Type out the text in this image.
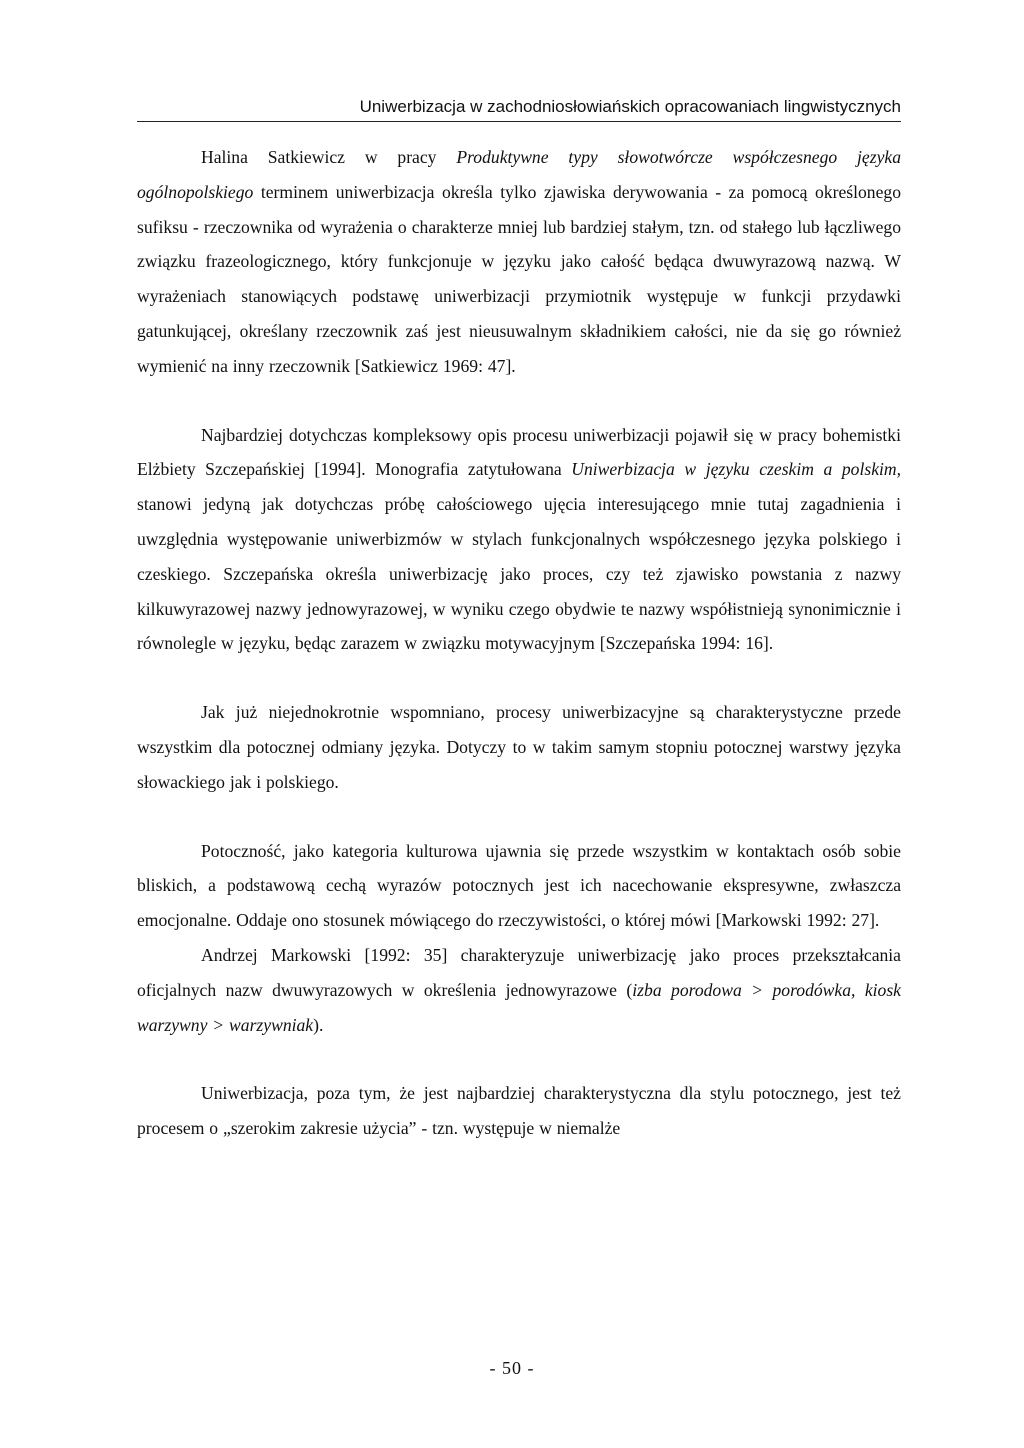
Uniwerbizacja w zachodniosłowiańskich opracowaniach lingwistycznych

Halina Satkiewicz w pracy Produktywne typy słowotwórcze współczesnego języka ogólnopolskiego terminem uniwerbizacja określa tylko zjawiska derywowania - za pomocą określonego sufiksu - rzeczownika od wyrażenia o charakterze mniej lub bardziej stałym, tzn. od stałego lub łączliwego związku frazeologicznego, który funkcjonuje w języku jako całość będąca dwuwyrazową nazwą. W wyrażeniach stanowiących podstawę uniwerbizacji przymiotnik występuje w funkcji przydawki gatunkującej, określany rzeczownik zaś jest nieusuwalnym składnikiem całości, nie da się go również wymienić na inny rzeczownik [Satkiewicz 1969: 47].

Najbardziej dotychczas kompleksowy opis procesu uniwerbizacji pojawił się w pracy bohemistki Elżbiety Szczepańskiej [1994]. Monografia zatytułowana Uniwerbizacja w języku czeskim a polskim, stanowi jedyną jak dotychczas próbę całościowego ujęcia interesującego mnie tutaj zagadnienia i uwzględnia występowanie uniwerbizmów w stylach funkcjonalnych współczesnego języka polskiego i czeskiego. Szczepańska określa uniwerbizację jako proces, czy też zjawisko powstania z nazwy kilkuwyrazowej nazwy jednowyrazowej, w wyniku czego obydwie te nazwy współistnieją synonimicznie i równolegle w języku, będąc zarazem w związku motywacyjnym [Szczepańska 1994: 16].

Jak już niejednokrotnie wspomniano, procesy uniwerbizacyjne są charakterystyczne przede wszystkim dla potocznej odmiany języka. Dotyczy to w takim samym stopniu potocznej warstwy języka słowackiego jak i polskiego.

Potoczność, jako kategoria kulturowa ujawnia się przede wszystkim w kontaktach osób sobie bliskich, a podstawową cechą wyrazów potocznych jest ich nacechowanie ekspresywne, zwłaszcza emocjonalne. Oddaje ono stosunek mówiącego do rzeczywistości, o której mówi [Markowski 1992: 27].

Andrzej Markowski [1992: 35] charakteryzuje uniwerbizację jako proces przekształcania oficjalnych nazw dwuwyrazowych w określenia jednowyrazowe (izba porodowa > porodówka, kiosk warzywny > warzywniak).

Uniwerbizacja, poza tym, że jest najbardziej charakterystyczna dla stylu potocznego, jest też procesem o „szerokim zakresie użycia” - tzn. występuje w niemalże

- 50 -
